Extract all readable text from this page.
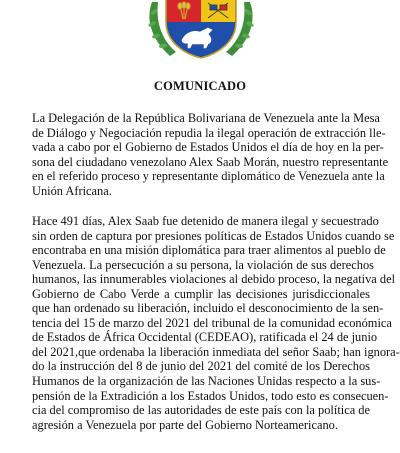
COMUNICADO
La Delegación de la República Bolivariana de Venezuela ante la Mesa
de Diálogo y Negociación repudia la ilegal operación de extracción lle-
vada a cabo por el Gobierno de Estados Unidos el día de hoy en la per-
sona del ciudadano venezolano Alex Saab Morán, nuestro representante
en el referido proceso y representante diplomático de Venezuela ante la
Unión Africana.
Hace 491 días, Alex Saab fue detenido de manera ilegal y secuestrado
sin orden de captura por presiones políticas de Estados Unidos cuando se
encontraba en una misión diplomática para traer alimentos al pueblo de
Venezuela. La persecución a su persona, la violación de sus derechos
humanos, las innumerables violaciones al debido proceso, la negativa del
Gobierno de Cabo Verde a cumplir las decisiones jurisdiccionales
que han ordenado su liberación, incluido el desconocimiento de la sen-
tencia del 15 de marzo del 2021 del tribunal de la comunidad económica
de Estados de África Occidental (CEDEAO), ratificada el 24 de junio
del 2021,que ordenaba la liberación inmediata del señor Saab; han ignora-
do la instrucción del 8 de junio del 2021 del comité de los Derechos
Humanos de la organización de las Naciones Unidas respecto a la sus-
pensión de la Extradición a los Estados Unidos, todo esto es consecuen-
cia del compromiso de las autoridades de este país con la política de
agresión a Venezuela por parte del Gobierno Norteamericano.
